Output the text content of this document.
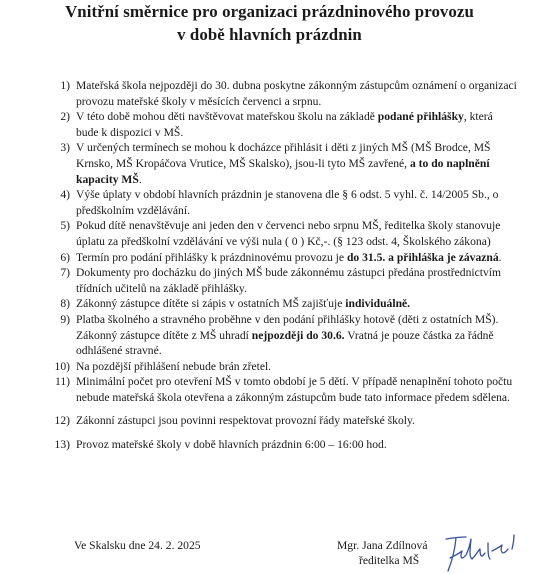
Vnitřní směrnice pro organizaci prázdninového provozu
v době hlavních prázdnin
1) Mateřská škola nejpozději do 30. dubna poskytne zákonným zástupcům oznámení o organizaci provozu mateřské školy v měsících červenci a srpnu.
2) V této době mohou děti navštěvovat mateřskou školu na základě podané přihlášky, která bude k dispozici v MŠ.
3) V určených termínech se mohou k docházce přihlásit i děti z jiných MŠ (MŠ Brodce, MŠ Krnsko, MŠ Kropáčova Vrutice, MŠ Skalsko), jsou-li tyto MŠ zavřené, a to do naplnění kapacity MŠ.
4) Výše úplaty v období hlavních prázdnin je stanovena dle § 6 odst. 5 vyhl. č. 14/2005 Sb., o předškolním vzdělávání.
5) Pokud dítě nenavštěvuje ani jeden den v červenci nebo srpnu MŠ, ředitelka školy stanovuje úplatu za předškolní vzdělávání ve výši nula ( 0 ) Kč,-. (§ 123 odst. 4, Školského zákona)
6) Termín pro podání přihlášky k prázdninovému provozu je do 31.5. a přihláška je závazná.
7) Dokumenty pro docházku do jiných MŠ bude zákonnému zástupci předána prostřednictvím třídních učitelů na základě přihlášky.
8) Zákonný zástupce dítěte si zápis v ostatních MŠ zajišťuje individuálně.
9) Platba školného a stravného proběhne v den podání přihlášky hotově (děti z ostatních MŠ). Zákonný zástupce dítěte z MŠ uhradí nejpozději do 30.6. Vratná je pouze částka za řádně odhlášené stravné.
10) Na pozdější přihlášení nebude brán zřetel.
11) Minimální počet pro otevření MŠ v tomto období je 5 dětí. V případě nenaplnění tohoto počtu nebude mateřská škola otevřena a zákonným zástupcům bude tato informace předem sdělena.
12) Zákonní zástupci jsou povinni respektovat provozní řády mateřské školy.
13) Provoz mateřské školy v době hlavních prázdnin 6:00 – 16:00 hod.
Ve Skalsku dne 24. 2. 2025	Mgr. Jana Zdílnová
ředitelka MŠ
